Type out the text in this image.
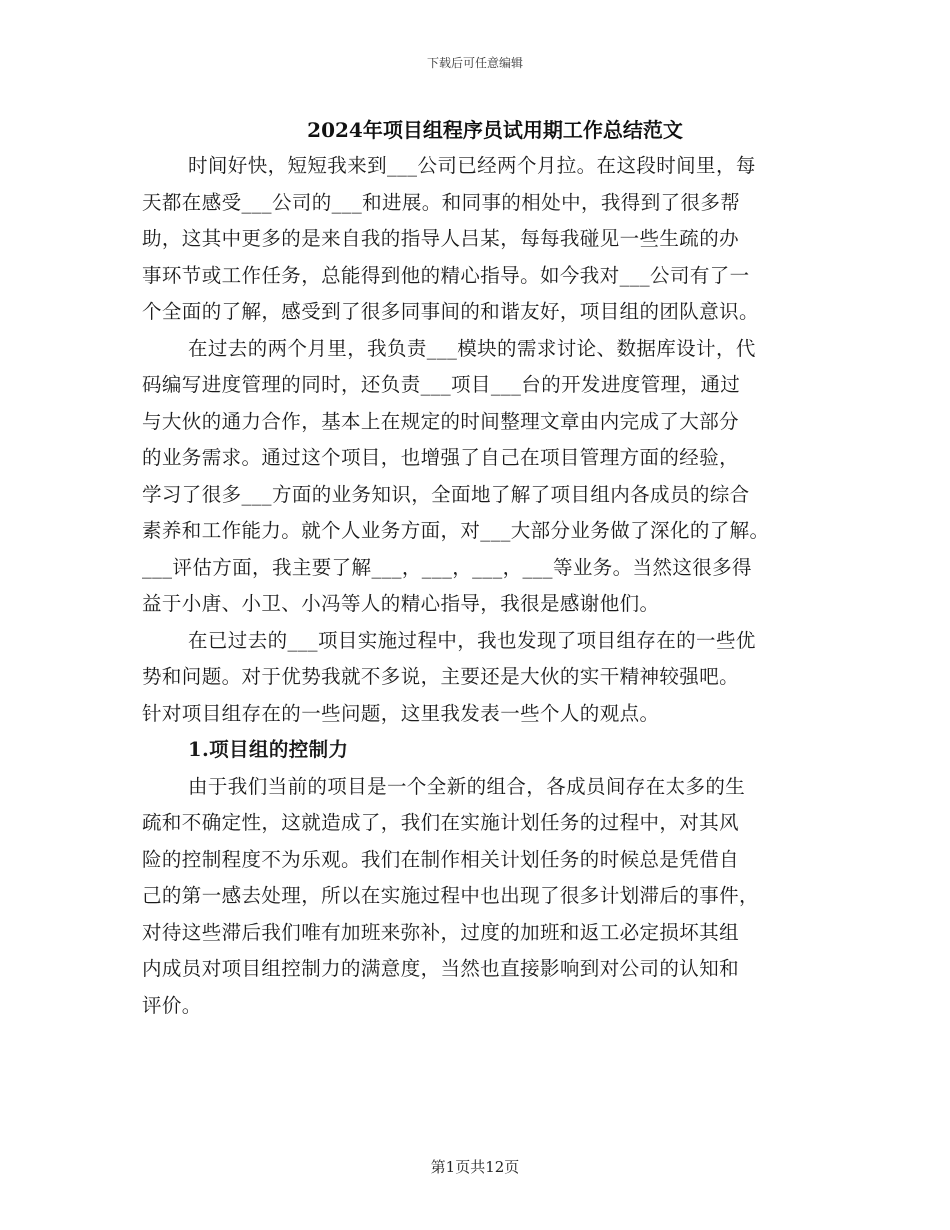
下载后可任意编辑
2024年项目组程序员试用期工作总结范文
时间好快，短短我来到___公司已经两个月拉。在这段时间里，每
天都在感受___公司的___和进展。和同事的相处中，我得到了很多帮
助，这其中更多的是来自我的指导人吕某，每每我碰见一些生疏的办
事环节或工作任务，总能得到他的精心指导。如今我对___公司有了一
个全面的了解，感受到了很多同事间的和谐友好，项目组的团队意识。
在过去的两个月里，我负责___模块的需求讨论、数据库设计，代
码编写进度管理的同时，还负责___项目___台的开发进度管理，通过
与大伙的通力合作，基本上在规定的时间整理文章由内完成了大部分
的业务需求。通过这个项目，也增强了自己在项目管理方面的经验，
学习了很多___方面的业务知识，全面地了解了项目组内各成员的综合
素养和工作能力。就个人业务方面，对___大部分业务做了深化的了解。
___评估方面，我主要了解___，___，___，___等业务。当然这很多得
益于小唐、小卫、小冯等人的精心指导，我很是感谢他们。
在已过去的___项目实施过程中，我也发现了项目组存在的一些优
势和问题。对于优势我就不多说，主要还是大伙的实干精神较强吧。
针对项目组存在的一些问题，这里我发表一些个人的观点。
1.项目组的控制力
由于我们当前的项目是一个全新的组合，各成员间存在太多的生
疏和不确定性，这就造成了，我们在实施计划任务的过程中，对其风
险的控制程度不为乐观。我们在制作相关计划任务的时候总是凭借自
己的第一感去处理，所以在实施过程中也出现了很多计划滞后的事件，
对待这些滞后我们唯有加班来弥补，过度的加班和返工必定损坏其组
内成员对项目组控制力的满意度，当然也直接影响到对公司的认知和
评价。
第1页共12页
